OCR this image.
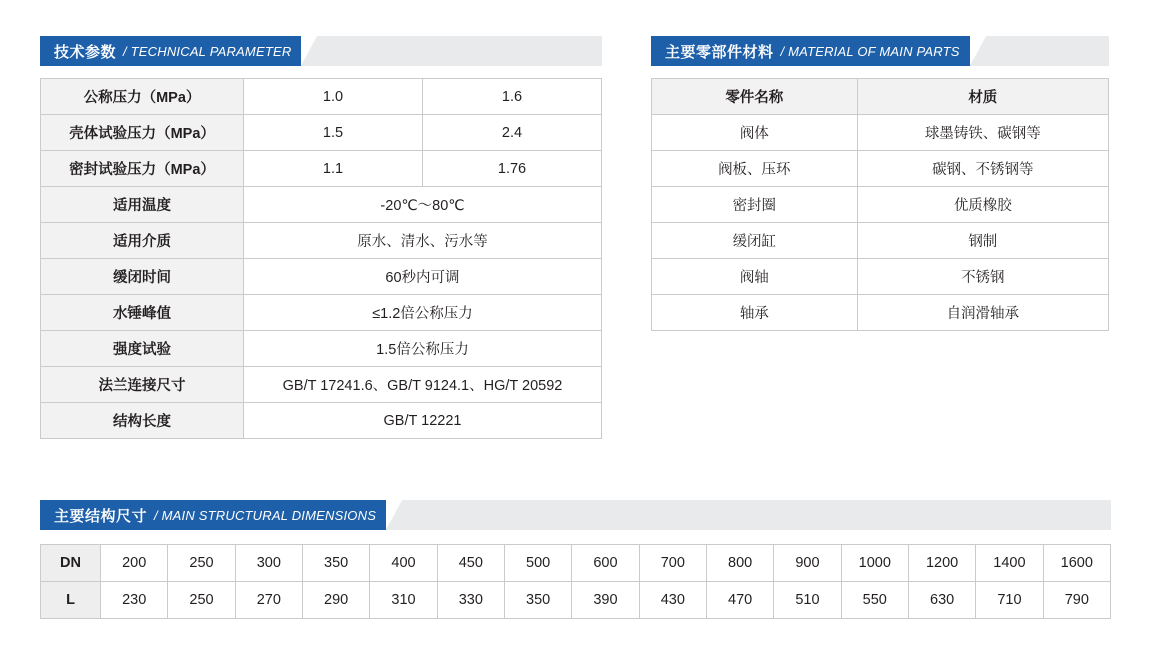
技术参数 / TECHNICAL PARAMETER
公称压力（MPa）	1.0	1.6
壳体试验压力（MPa）	1.5	2.4
密封试验压力（MPa）	1.1	1.76
适用温度	-20℃～80℃	
适用介质	原水、清水、污水等	
缓闭时间	60秒内可调	
水锤峰值	≤1.2倍公称压力	
强度试验	1.5倍公称压力	
法兰连接尺寸	GB/T 17241.6、GB/T 9124.1、HG/T 20592	
结构长度	GB/T 12221	
主要零部件材料 / MATERIAL OF MAIN PARTS
零件名称	材质
阀体	球墨铸铁、碳钢等
阀板、压环	碳钢、不锈钢等
密封圈	优质橡胶
缓闭缸	钢制
阀轴	不锈钢
轴承	自润滑轴承
主要结构尺寸 / MAIN STRUCTURAL DIMENSIONS
DN	200	250	300	350	400	450	500	600	700	800	900	1000	1200	1400	1600
L	230	250	270	290	310	330	350	390	430	470	510	550	630	710	790
